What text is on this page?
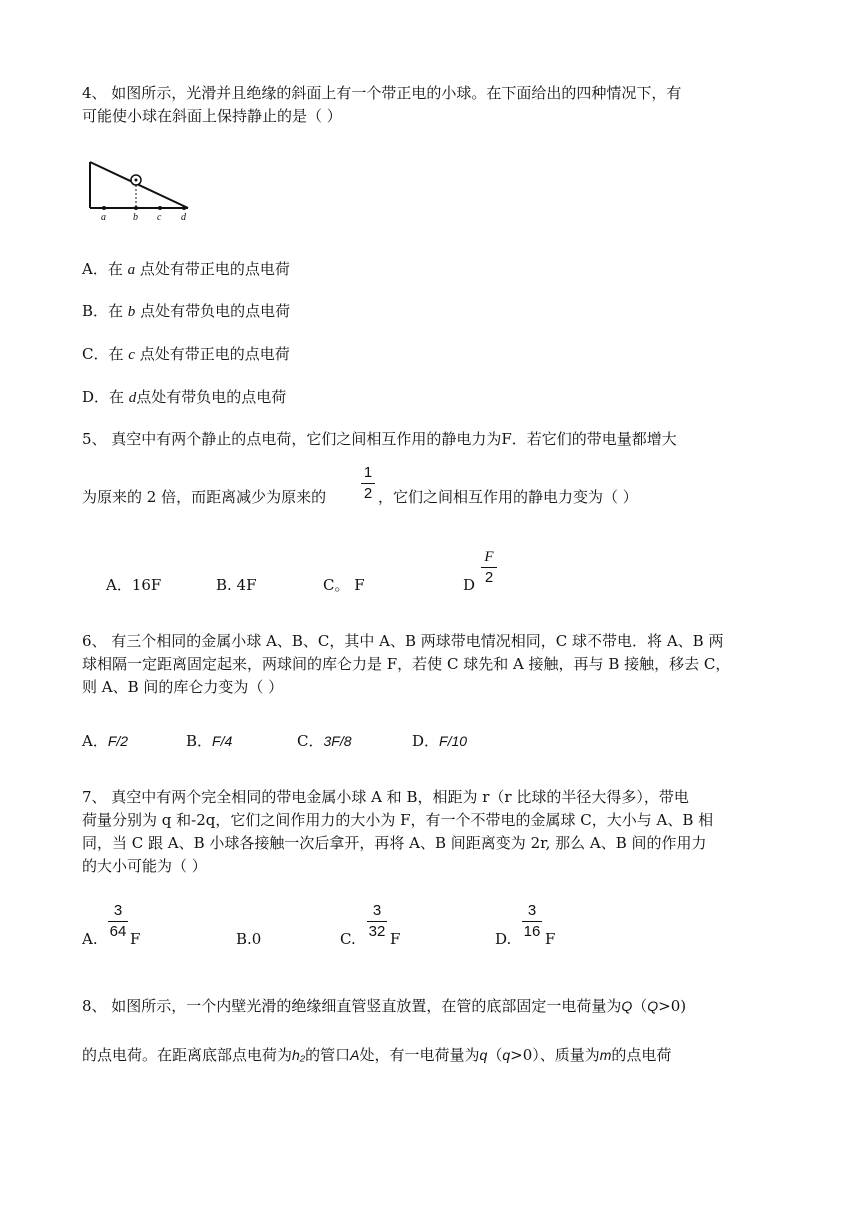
4、 如图所示，光滑并且绝缘的斜面上有一个带正电的小球。在下面给出的四种情况下，有
可能使小球在斜面上保持静止的是（ ）
a	b c d
A．在 a 点处有带正电的点电荷
B．在 b 点处有带负电的点电荷
C．在 c 点处有带正电的点电荷
D．在 d点处有带负电的点电荷
5、 真空中有两个静止的点电荷，它们之间相互作用的静电力为F．若它们的带电量都增大
为原来的 2 倍，而距离减少为原来的
1
2 ，它们之间相互作用的静电力变为（ ）
A．16F	B. 4F	C。 F	D
F
2
6、 有三个相同的金属小球 A、B、C，其中 A、B 两球带电情况相同，C 球不带电．将 A、B 两
球相隔一定距离固定起来，两球间的库仑力是 F，若使 C 球先和 A 接触，再与 B 接触，移去 C，
则 A、B 间的库仑力变为（ ）
A．F/2	B．F/4	C．3F/8	D．F/10
7、 真空中有两个完全相同的带电金属小球 A 和 B，相距为 r（r 比球的半径大得多），带电
荷量分别为 q 和-2q，它们之间作用力的大小为 F，有一个不带电的金属球 C，大小与 A、B 相
同，当 C 跟 A、B 小球各接触一次后拿开，再将 A、B 间距离变为 2r, 那么 A、B 间的作用力
的大小可能为（ ）
A.
3
64 F	B.0	C.
3
32 F	D.
3
16 F
8、 如图所示，一个内壁光滑的绝缘细直管竖直放置，在管的底部固定一电荷量为Q（Q>0)
的点电荷。在距离底部点电荷为h₂的管口A处，有一电荷量为q（q>0）、质量为m的点电荷
